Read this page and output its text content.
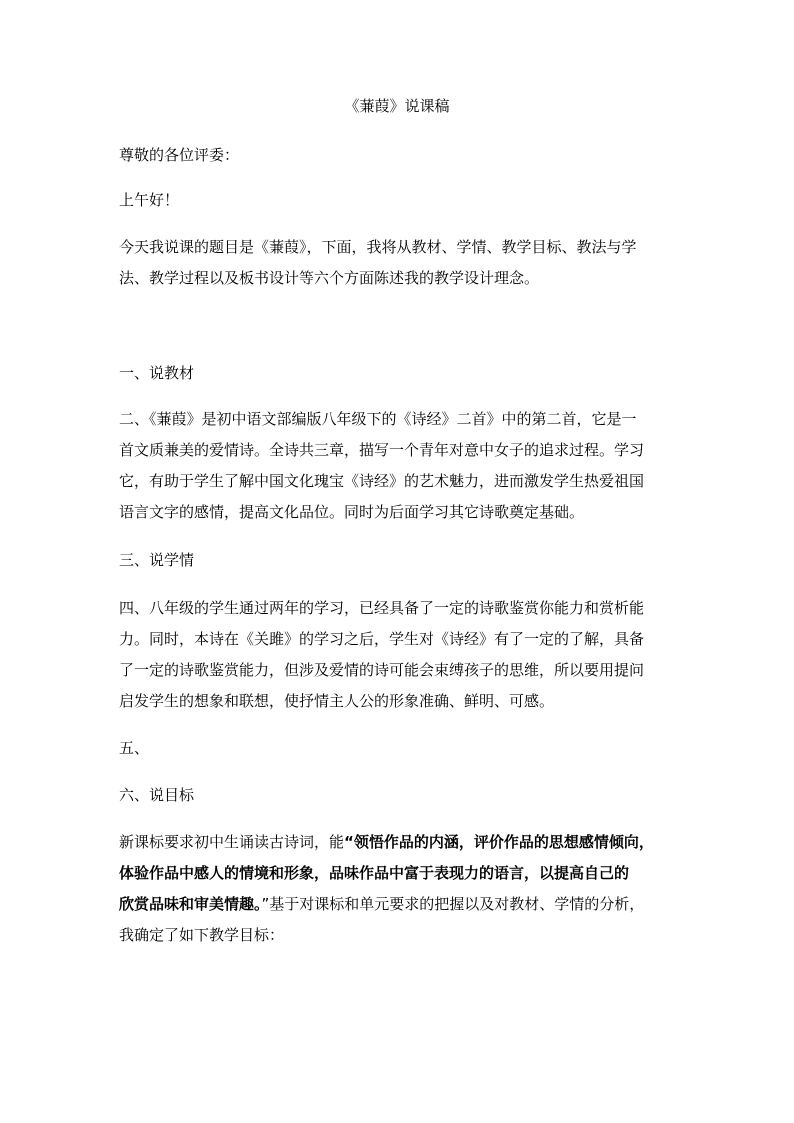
《蒹葭》说课稿

尊敬的各位评委：

上午好！

今天我说课的题目是《蒹葭》，下面，我将从教材、学情、教学目标、教法与学
法、教学过程以及板书设计等六个方面陈述我的教学设计理念。

一、说教材

二、《蒹葭》是初中语文部编版八年级下的《诗经》二首》中的第二首，它是一
首文质兼美的爱情诗。全诗共三章，描写一个青年对意中女子的追求过程。学习
它，有助于学生了解中国文化瑰宝《诗经》的艺术魅力，进而激发学生热爱祖国
语言文字的感情，提高文化品位。同时为后面学习其它诗歌奠定基础。

三、说学情

四、八年级的学生通过两年的学习，已经具备了一定的诗歌鉴赏你能力和赏析能
力。同时，本诗在《关雎》的学习之后，学生对《诗经》有了一定的了解，具备
了一定的诗歌鉴赏能力，但涉及爱情的诗可能会束缚孩子的思维，所以要用提问
启发学生的想象和联想，使抒情主人公的形象准确、鲜明、可感。

五、

六、说目标

新课标要求初中生诵读古诗词，能“领悟作品的内涵，评价作品的思想感情倾向，
体验作品中感人的情境和形象，品味作品中富于表现力的语言，以提高自己的
欣赏品味和审美情趣。”基于对课标和单元要求的把握以及对教材、学情的分析，
我确定了如下教学目标：
